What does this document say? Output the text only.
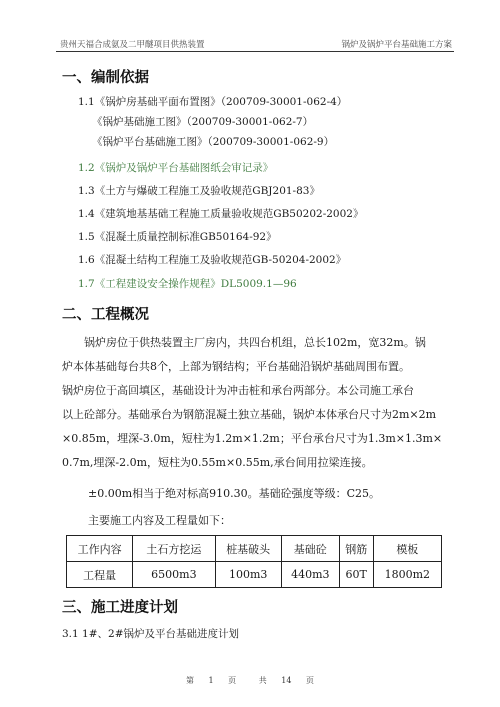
贵州天福合成氨及二甲醚项目供热装置	锅炉及锅炉平台基础施工方案
一、编制依据
1.1《锅炉房基础平面布置图》（200709-30001-062-4）
《锅炉基础施工图》（200709-30001-062-7）
《锅炉平台基础施工图》（200709-30001-062-9）
1.2《锅炉及锅炉平台基础图纸会审记录》
1.3《土方与爆破工程施工及验收规范GBJ201-83》
1.4《建筑地基基础工程施工质量验收规范GB50202-2002》
1.5《混凝土质量控制标准GB50164-92》
1.6《混凝土结构工程施工及验收规范GB-50204-2002》
1.7《工程建设安全操作规程》DL5009.1—96
二、工程概况
　　锅炉房位于供热装置主厂房内，共四台机组，总长102m，宽32m。锅
炉本体基础每台共8个，上部为钢结构；平台基础沿锅炉基础周围布置。
锅炉房位于高回填区，基础设计为冲击桩和承台两部分。本公司施工承台
以上砼部分。基础承台为钢筋混凝土独立基础，锅炉本体承台尺寸为2m×2m
×0.85m，埋深-3.0m，短柱为1.2m×1.2m；平台承台尺寸为1.3m×1.3m×
0.7m,埋深-2.0m，短柱为0.55m×0.55m,承台间用拉梁连接。
±0.00m相当于绝对标高910.30。基础砼强度等级：C25。
主要施工内容及工程量如下：
工作内容	土石方挖运	桩基破头	基础砼	钢筋	模板
工程量	6500m3	100m3	440m3	60T	1800m2
三、施工进度计划
3.1 1#、2#锅炉及平台基础进度计划
第 1 页	共 14 页
